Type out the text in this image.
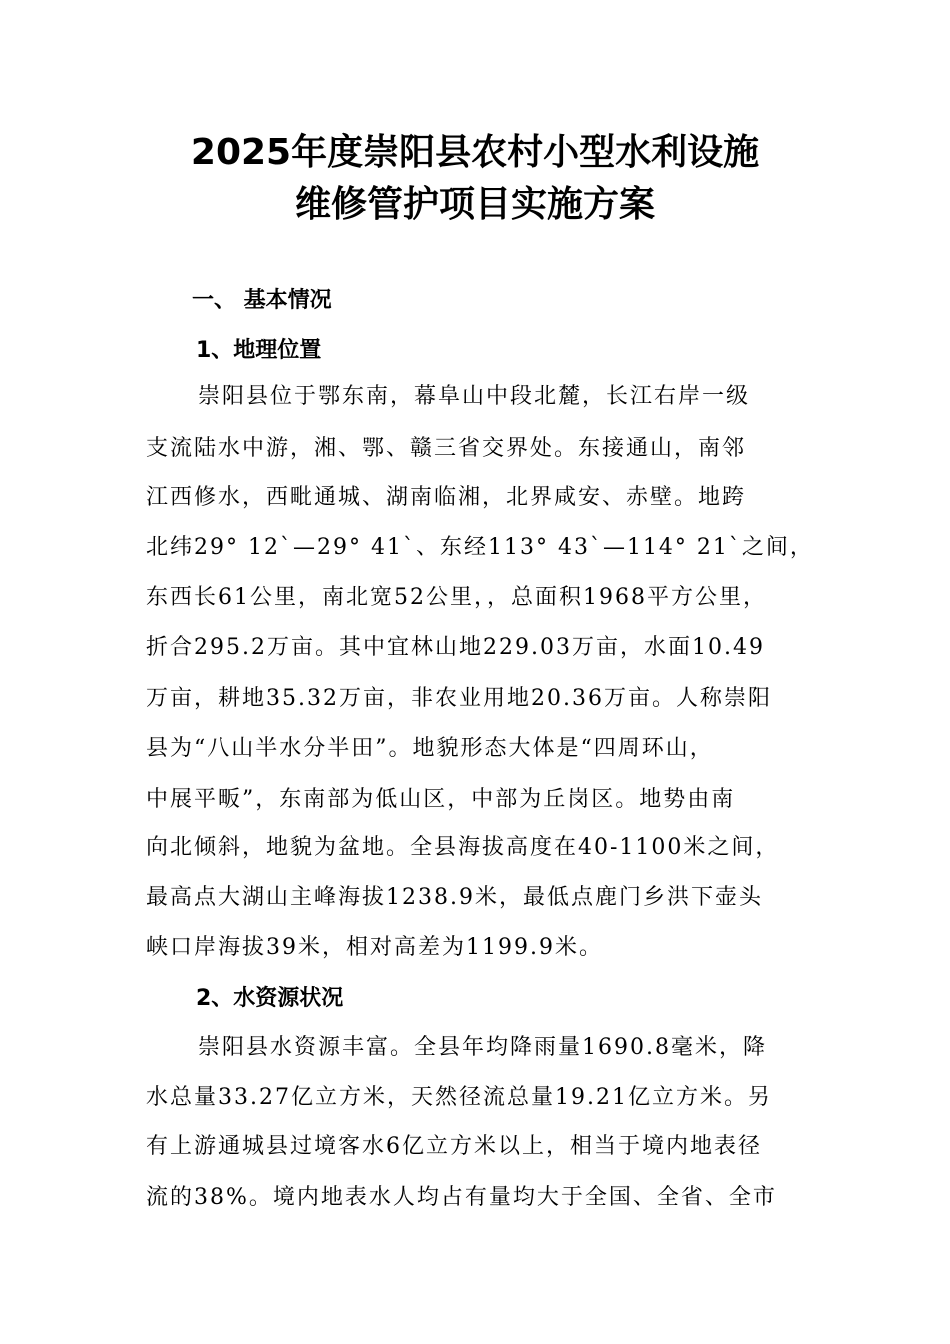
2025年度崇阳县农村小型水利设施
维修管护项目实施方案
一、 基本情况
1、地理位置
崇阳县位于鄂东南，幕阜山中段北麓，长江右岸一级
支流陆水中游，湘、鄂、赣三省交界处。东接通山，南邻
江西修水，西毗通城、湖南临湘，北界咸安、赤壁。地跨
北纬29° 12`—29° 41`、东经113° 43`—114° 21`之间，
东西长61公里，南北宽52公里，，总面积1968平方公里，
折合295.2万亩。其中宜林山地229.03万亩，水面10.49
万亩，耕地35.32万亩，非农业用地20.36万亩。人称崇阳
县为“八山半水分半田”。地貌形态大体是“四周环山，
中展平畈”，东南部为低山区，中部为丘岗区。地势由南
向北倾斜，地貌为盆地。全县海拔高度在40-1100米之间，
最高点大湖山主峰海拔1238.9米，最低点鹿门乡洪下壶头
峡口岸海拔39米，相对高差为1199.9米。
2、水资源状况
崇阳县水资源丰富。全县年均降雨量1690.8毫米，降
水总量33.27亿立方米，天然径流总量19.21亿立方米。另
有上游通城县过境客水6亿立方米以上，相当于境内地表径
流的38%。境内地表水人均占有量均大于全国、全省、全市
